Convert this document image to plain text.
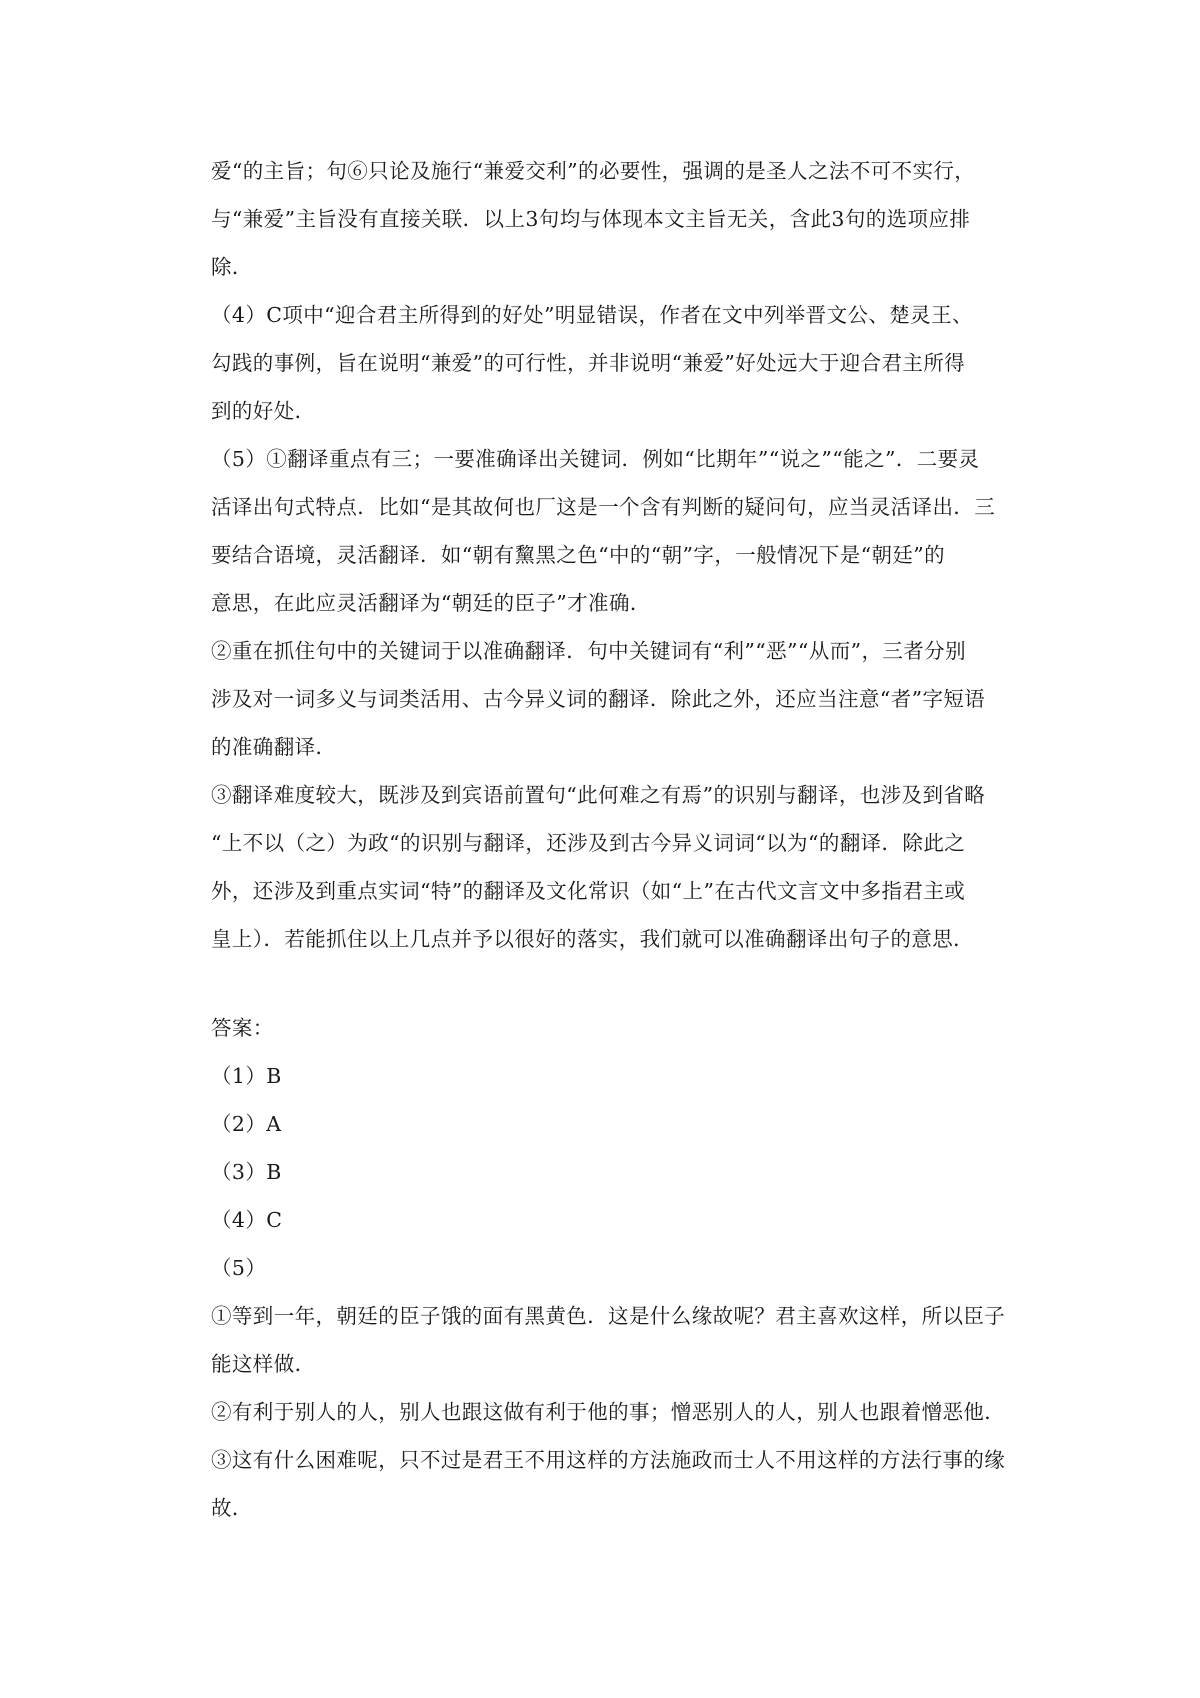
爱“的主旨；句⑥只论及施行“兼爱交利”的必要性，强调的是圣人之法不可不实行，
与“兼爱”主旨没有直接关联．以上3句均与体现本文主旨无关，含此3句的选项应排
除．
（4）C项中“迎合君主所得到的好处”明显错误，作者在文中列举晋文公、楚灵王、
勾践的事例，旨在说明“兼爱”的可行性，并非说明“兼爱”好处远大于迎合君主所得
到的好处．
（5）①翻译重点有三；一要准确译出关键词．例如“比期年”“说之”“能之”．二要灵
活译出句式特点．比如“是其故何也厂这是一个含有判断的疑问句，应当灵活译出．三
要结合语境，灵活翻译．如“朝有黧黑之色“中的“朝”字，一般情况下是“朝廷”的
意思，在此应灵活翻译为“朝廷的臣子”才准确．
②重在抓住句中的关键词于以准确翻译．句中关键词有“利”“恶”“从而”，三者分别
涉及对一词多义与词类活用、古今异义词的翻译．除此之外，还应当注意“者”字短语
的准确翻译．
③翻译难度较大，既涉及到宾语前置句“此何难之有焉”的识别与翻译，也涉及到省略
“上不以（之）为政“的识别与翻译，还涉及到古今异义词词“以为“的翻译．除此之
外，还涉及到重点实词“特”的翻译及文化常识（如“上”在古代文言文中多指君主或
皇上）．若能抓住以上几点并予以很好的落实，我们就可以准确翻译出句子的意思．
答案：
（1）B
（2）A
（3）B
（4）C
（5）
①等到一年，朝廷的臣子饿的面有黑黄色．这是什么缘故呢？君主喜欢这样，所以臣子
能这样做．
②有利于别人的人，别人也跟这做有利于他的事；憎恶别人的人，别人也跟着憎恶他．
③这有什么困难呢，只不过是君王不用这样的方法施政而士人不用这样的方法行事的缘
故．
